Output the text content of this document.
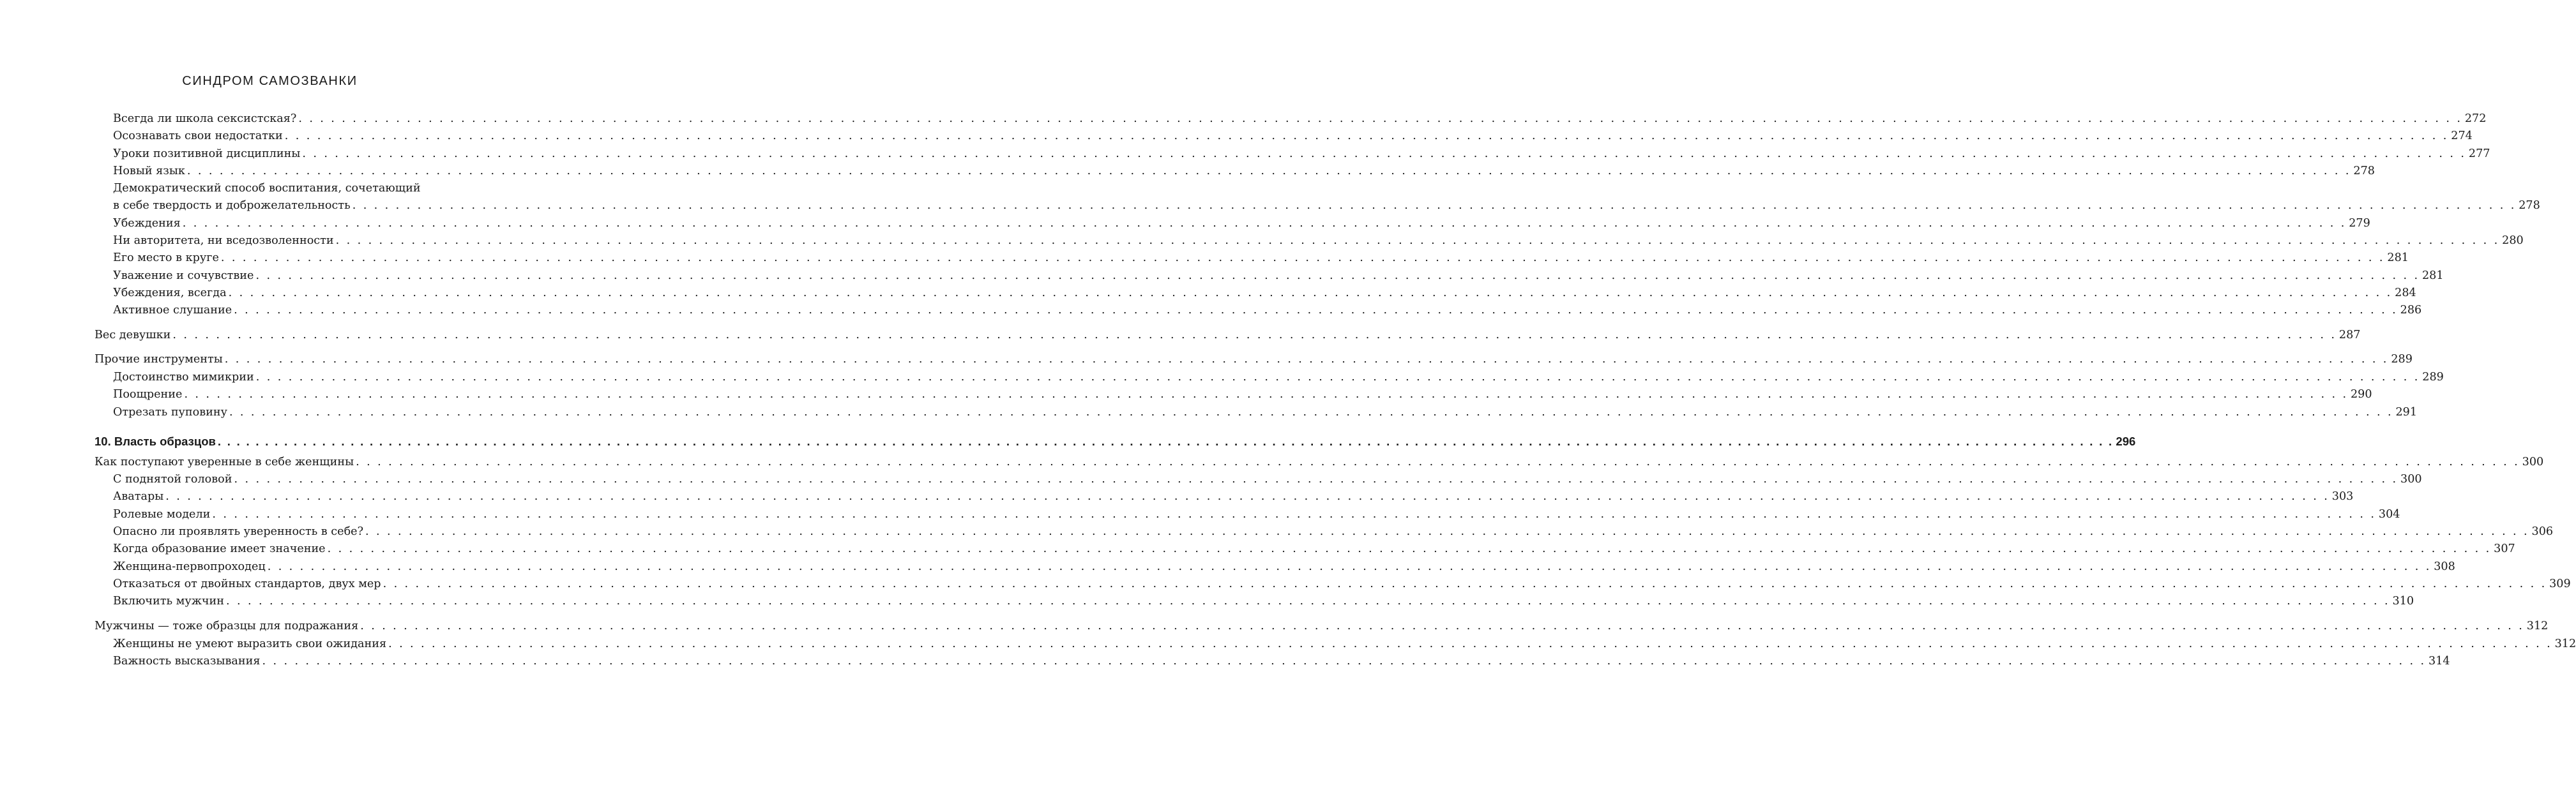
СИНДРОМ САМОЗВАНКИ
Всегда ли школа сексистская? . . . . . . . . . . . . . . . . . . . . . . . . . . . . . . . . . . . . . . . . . . . . . . . . . . . . . . . . . . . . . . . . . . . . . . . . . . . . . . . . . . . . . . . . . . . . . . . . . . . . . . . . . . . . . . . . . . . . . . . . . . . . . . . . . . . . . . . . . . . . . . . . . . . . . . . . . . . . . . . . . . . . . . . . . . . . . . . . . . . . . . . . . . . . . . . . . . . . . . . . 272
Осознавать свои недостатки . . . . . . . . . . . . . . . . . . . . . . . . . . . . . . . . . . . . . . . . . . . . . . . . . . . . . . . . . . . . . . . . . . . . . . . . . . . . . . . . . . . . . . . . . . . . . . . . . . . . . . . . . . . . . . . . . . . . . . . . . . . . . . . . . . . . . . . . . . . . . . . . . . . . . . . . . . . . . . . . . . . . . . . . . . . . . . . . . . . . . . . . . . . . . . . . . . . . . . . . 274
Уроки позитивной дисциплины . . . . . . . . . . . . . . . . . . . . . . . . . . . . . . . . . . . . . . . . . . . . . . . . . . . . . . . . . . . . . . . . . . . . . . . . . . . . . . . . . . . . . . . . . . . . . . . . . . . . . . . . . . . . . . . . . . . . . . . . . . . . . . . . . . . . . . . . . . . . . . . . . . . . . . . . . . . . . . . . . . . . . . . . . . . . . . . . . . . . . . . . . . . . . . . . . . . . . . . . 277
Новый язык . . . . . . . . . . . . . . . . . . . . . . . . . . . . . . . . . . . . . . . . . . . . . . . . . . . . . . . . . . . . . . . . . . . . . . . . . . . . . . . . . . . . . . . . . . . . . . . . . . . . . . . . . . . . . . . . . . . . . . . . . . . . . . . . . . . . . . . . . . . . . . . . . . . . . . . . . . . . . . . . . . . . . . . . . . . . . . . . . . . . . . . . . . . . . . . . . . . . . . . . 278
Демократический способ воспитания, сочетающий
в себе твердость и доброжелательность . . . . . . . . . . . . . . . . . . . . . . . . . . . . . . . . . . . . . . . . . . . . . . . . . . . . . . . . . . . . . . . . . . . . . . . . . . . . . . . . . . . . . . . . . . . . . . . . . . . . . . . . . . . . . . . . . . . . . . . . . . . . . . . . . . . . . . . . . . . . . . . . . . . . . . . . . . . . . . . . . . . . . . . . . . . . . . . . . . . . . . . . . . . . . . . . . . . . . . . . 278
Убеждения . . . . . . . . . . . . . . . . . . . . . . . . . . . . . . . . . . . . . . . . . . . . . . . . . . . . . . . . . . . . . . . . . . . . . . . . . . . . . . . . . . . . . . . . . . . . . . . . . . . . . . . . . . . . . . . . . . . . . . . . . . . . . . . . . . . . . . . . . . . . . . . . . . . . . . . . . . . . . . . . . . . . . . . . . . . . . . . . . . . . . . . . . . . . . . . . . . . . . . . . 279
Ни авторитета, ни вседозволенности . . . . . . . . . . . . . . . . . . . . . . . . . . . . . . . . . . . . . . . . . . . . . . . . . . . . . . . . . . . . . . . . . . . . . . . . . . . . . . . . . . . . . . . . . . . . . . . . . . . . . . . . . . . . . . . . . . . . . . . . . . . . . . . . . . . . . . . . . . . . . . . . . . . . . . . . . . . . . . . . . . . . . . . . . . . . . . . . . . . . . . . . . . . . . . . . . . . . . . . . 280
Его место в круге . . . . . . . . . . . . . . . . . . . . . . . . . . . . . . . . . . . . . . . . . . . . . . . . . . . . . . . . . . . . . . . . . . . . . . . . . . . . . . . . . . . . . . . . . . . . . . . . . . . . . . . . . . . . . . . . . . . . . . . . . . . . . . . . . . . . . . . . . . . . . . . . . . . . . . . . . . . . . . . . . . . . . . . . . . . . . . . . . . . . . . . . . . . . . . . . . . . . . . . . 281
Уважение и сочувствие . . . . . . . . . . . . . . . . . . . . . . . . . . . . . . . . . . . . . . . . . . . . . . . . . . . . . . . . . . . . . . . . . . . . . . . . . . . . . . . . . . . . . . . . . . . . . . . . . . . . . . . . . . . . . . . . . . . . . . . . . . . . . . . . . . . . . . . . . . . . . . . . . . . . . . . . . . . . . . . . . . . . . . . . . . . . . . . . . . . . . . . . . . . . . . . . . . . . . . . . 281
Убеждения, всегда . . . . . . . . . . . . . . . . . . . . . . . . . . . . . . . . . . . . . . . . . . . . . . . . . . . . . . . . . . . . . . . . . . . . . . . . . . . . . . . . . . . . . . . . . . . . . . . . . . . . . . . . . . . . . . . . . . . . . . . . . . . . . . . . . . . . . . . . . . . . . . . . . . . . . . . . . . . . . . . . . . . . . . . . . . . . . . . . . . . . . . . . . . . . . . . . . . . . . . . . 284
Активное слушание . . . . . . . . . . . . . . . . . . . . . . . . . . . . . . . . . . . . . . . . . . . . . . . . . . . . . . . . . . . . . . . . . . . . . . . . . . . . . . . . . . . . . . . . . . . . . . . . . . . . . . . . . . . . . . . . . . . . . . . . . . . . . . . . . . . . . . . . . . . . . . . . . . . . . . . . . . . . . . . . . . . . . . . . . . . . . . . . . . . . . . . . . . . . . . . . . . . . . . . . 286
Вес девушки . . . . . . . . . . . . . . . . . . . . . . . . . . . . . . . . . . . . . . . . . . . . . . . . . . . . . . . . . . . . . . . . . . . . . . . . . . . . . . . . . . . . . . . . . . . . . . . . . . . . . . . . . . . . . . . . . . . . . . . . . . . . . . . . . . . . . . . . . . . . . . . . . . . . . . . . . . . . . . . . . . . . . . . . . . . . . . . . . . . . . . . . . . . . . . . . . . . . . . . . 287
Прочие инструменты . . . . . . . . . . . . . . . . . . . . . . . . . . . . . . . . . . . . . . . . . . . . . . . . . . . . . . . . . . . . . . . . . . . . . . . . . . . . . . . . . . . . . . . . . . . . . . . . . . . . . . . . . . . . . . . . . . . . . . . . . . . . . . . . . . . . . . . . . . . . . . . . . . . . . . . . . . . . . . . . . . . . . . . . . . . . . . . . . . . . . . . . . . . . . . . . . . . . . . . . 289
Достоинство мимикрии . . . . . . . . . . . . . . . . . . . . . . . . . . . . . . . . . . . . . . . . . . . . . . . . . . . . . . . . . . . . . . . . . . . . . . . . . . . . . . . . . . . . . . . . . . . . . . . . . . . . . . . . . . . . . . . . . . . . . . . . . . . . . . . . . . . . . . . . . . . . . . . . . . . . . . . . . . . . . . . . . . . . . . . . . . . . . . . . . . . . . . . . . . . . . . . . . . . . . . . . 289
Поощрение . . . . . . . . . . . . . . . . . . . . . . . . . . . . . . . . . . . . . . . . . . . . . . . . . . . . . . . . . . . . . . . . . . . . . . . . . . . . . . . . . . . . . . . . . . . . . . . . . . . . . . . . . . . . . . . . . . . . . . . . . . . . . . . . . . . . . . . . . . . . . . . . . . . . . . . . . . . . . . . . . . . . . . . . . . . . . . . . . . . . . . . . . . . . . . . . . . . . . . . . 290
Отрезать пуповину . . . . . . . . . . . . . . . . . . . . . . . . . . . . . . . . . . . . . . . . . . . . . . . . . . . . . . . . . . . . . . . . . . . . . . . . . . . . . . . . . . . . . . . . . . . . . . . . . . . . . . . . . . . . . . . . . . . . . . . . . . . . . . . . . . . . . . . . . . . . . . . . . . . . . . . . . . . . . . . . . . . . . . . . . . . . . . . . . . . . . . . . . . . . . . . . . . . . . . . . 291
10. Власть образцов . . . . . . . . . . . . . . . . . . . . . . . . . . . . . . . . . . . . . . . . . . . . . . . . . . . . . . . . . . . . . . . . . . . . . . . . . . . . . . . . . . . . . . . . . . . . . . . . . . . . . . . . . . . . . . . . . . . . . . . . . . . . . . . . . . . . . . . . . . . . . . . . . . . . . . . . . . . . . . . . . . . . . . . . . . . . . . . . . . . . . . . . . . . . . . . . . . . . . . . . 296
Как поступают уверенные в себе женщины . . . . . . . . . . . . . . . . . . . . . . . . . . . . . . . . . . . . . . . . . . . . . . . . . . . . . . . . . . . . . . . . . . . . . . . . . . . . . . . . . . . . . . . . . . . . . . . . . . . . . . . . . . . . . . . . . . . . . . . . . . . . . . . . . . . . . . . . . . . . . . . . . . . . . . . . . . . . . . . . . . . . . . . . . . . . . . . . . . . . . . . . . . . . . . . . . . . . . . . . 300
С поднятой головой . . . . . . . . . . . . . . . . . . . . . . . . . . . . . . . . . . . . . . . . . . . . . . . . . . . . . . . . . . . . . . . . . . . . . . . . . . . . . . . . . . . . . . . . . . . . . . . . . . . . . . . . . . . . . . . . . . . . . . . . . . . . . . . . . . . . . . . . . . . . . . . . . . . . . . . . . . . . . . . . . . . . . . . . . . . . . . . . . . . . . . . . . . . . . . . . . . . . . . . . 300
Аватары . . . . . . . . . . . . . . . . . . . . . . . . . . . . . . . . . . . . . . . . . . . . . . . . . . . . . . . . . . . . . . . . . . . . . . . . . . . . . . . . . . . . . . . . . . . . . . . . . . . . . . . . . . . . . . . . . . . . . . . . . . . . . . . . . . . . . . . . . . . . . . . . . . . . . . . . . . . . . . . . . . . . . . . . . . . . . . . . . . . . . . . . . . . . . . . . . . . . . . . . 303
Ролевые модели . . . . . . . . . . . . . . . . . . . . . . . . . . . . . . . . . . . . . . . . . . . . . . . . . . . . . . . . . . . . . . . . . . . . . . . . . . . . . . . . . . . . . . . . . . . . . . . . . . . . . . . . . . . . . . . . . . . . . . . . . . . . . . . . . . . . . . . . . . . . . . . . . . . . . . . . . . . . . . . . . . . . . . . . . . . . . . . . . . . . . . . . . . . . . . . . . . . . . . . . 304
Опасно ли проявлять уверенность в себе? . . . . . . . . . . . . . . . . . . . . . . . . . . . . . . . . . . . . . . . . . . . . . . . . . . . . . . . . . . . . . . . . . . . . . . . . . . . . . . . . . . . . . . . . . . . . . . . . . . . . . . . . . . . . . . . . . . . . . . . . . . . . . . . . . . . . . . . . . . . . . . . . . . . . . . . . . . . . . . . . . . . . . . . . . . . . . . . . . . . . . . . . . . . . . . . . . . . . . . . . 306
Когда образование имеет значение . . . . . . . . . . . . . . . . . . . . . . . . . . . . . . . . . . . . . . . . . . . . . . . . . . . . . . . . . . . . . . . . . . . . . . . . . . . . . . . . . . . . . . . . . . . . . . . . . . . . . . . . . . . . . . . . . . . . . . . . . . . . . . . . . . . . . . . . . . . . . . . . . . . . . . . . . . . . . . . . . . . . . . . . . . . . . . . . . . . . . . . . . . . . . . . . . . . . . . . . 307
Женщина-первопроходец . . . . . . . . . . . . . . . . . . . . . . . . . . . . . . . . . . . . . . . . . . . . . . . . . . . . . . . . . . . . . . . . . . . . . . . . . . . . . . . . . . . . . . . . . . . . . . . . . . . . . . . . . . . . . . . . . . . . . . . . . . . . . . . . . . . . . . . . . . . . . . . . . . . . . . . . . . . . . . . . . . . . . . . . . . . . . . . . . . . . . . . . . . . . . . . . . . . . . . . . 308
Отказаться от двойных стандартов, двух мер . . . . . . . . . . . . . . . . . . . . . . . . . . . . . . . . . . . . . . . . . . . . . . . . . . . . . . . . . . . . . . . . . . . . . . . . . . . . . . . . . . . . . . . . . . . . . . . . . . . . . . . . . . . . . . . . . . . . . . . . . . . . . . . . . . . . . . . . . . . . . . . . . . . . . . . . . . . . . . . . . . . . . . . . . . . . . . . . . . . . . . . . . . . . . . . . . . . . . . . . 309
Включить мужчин . . . . . . . . . . . . . . . . . . . . . . . . . . . . . . . . . . . . . . . . . . . . . . . . . . . . . . . . . . . . . . . . . . . . . . . . . . . . . . . . . . . . . . . . . . . . . . . . . . . . . . . . . . . . . . . . . . . . . . . . . . . . . . . . . . . . . . . . . . . . . . . . . . . . . . . . . . . . . . . . . . . . . . . . . . . . . . . . . . . . . . . . . . . . . . . . . . . . . . . . 310
Мужчины — тоже образцы для подражания . . . . . . . . . . . . . . . . . . . . . . . . . . . . . . . . . . . . . . . . . . . . . . . . . . . . . . . . . . . . . . . . . . . . . . . . . . . . . . . . . . . . . . . . . . . . . . . . . . . . . . . . . . . . . . . . . . . . . . . . . . . . . . . . . . . . . . . . . . . . . . . . . . . . . . . . . . . . . . . . . . . . . . . . . . . . . . . . . . . . . . . . . . . . . . . . . . . . . . . . 312
Женщины не умеют выразить свои ожидания . . . . . . . . . . . . . . . . . . . . . . . . . . . . . . . . . . . . . . . . . . . . . . . . . . . . . . . . . . . . . . . . . . . . . . . . . . . . . . . . . . . . . . . . . . . . . . . . . . . . . . . . . . . . . . . . . . . . . . . . . . . . . . . . . . . . . . . . . . . . . . . . . . . . . . . . . . . . . . . . . . . . . . . . . . . . . . . . . . . . . . . . . . . . . . . . . . . . . . . . 312
Важность высказывания . . . . . . . . . . . . . . . . . . . . . . . . . . . . . . . . . . . . . . . . . . . . . . . . . . . . . . . . . . . . . . . . . . . . . . . . . . . . . . . . . . . . . . . . . . . . . . . . . . . . . . . . . . . . . . . . . . . . . . . . . . . . . . . . . . . . . . . . . . . . . . . . . . . . . . . . . . . . . . . . . . . . . . . . . . . . . . . . . . . . . . . . . . . . . . . . . . . . . . . . 314
